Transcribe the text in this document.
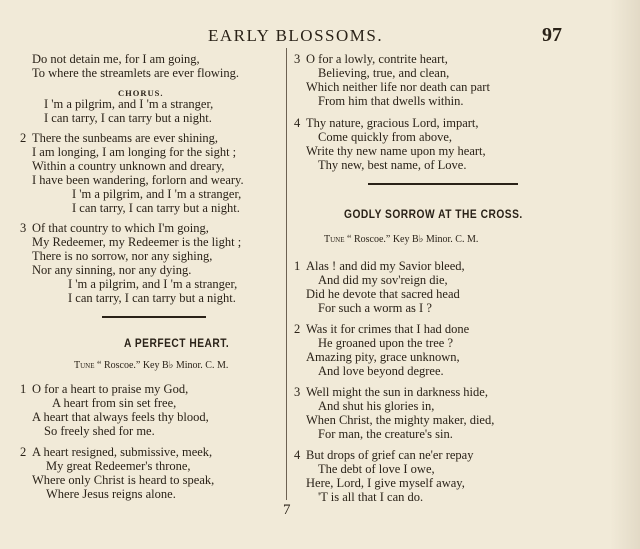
EARLY BLOSSOMS.	97
Do not detain me, for I am going,
To where the streamlets are ever flowing.
CHORUS.
I 'm a pilgrim, and I 'm a stranger,
I can tarry, I can tarry but a night.
2 There the sunbeams are ever shining,
I am longing, I am longing for the sight ;
Within a country unknown and dreary,
I have been wandering, forlorn and weary.
I 'm a pilgrim, and I 'm a stranger,
I can tarry, I can tarry but a night.
3 Of that country to which I'm going,
My Redeemer, my Redeemer is the light ;
There is no sorrow, nor any sighing,
Nor any sinning, nor any dying.
I 'm a pilgrim, and I 'm a stranger,
I can tarry, I can tarry but a night.
A PERFECT HEART.
Tune “ Roscoe.” Key B♭ Minor. C. M.
1 O for a heart to praise my God,
A heart from sin set free,
A heart that always feels thy blood,
So freely shed for me.
2 A heart resigned, submissive, meek,
My great Redeemer's throne,
Where only Christ is heard to speak,
Where Jesus reigns alone.
3 O for a lowly, contrite heart,
Believing, true, and clean,
Which neither life nor death can part
From him that dwells within.
4 Thy nature, gracious Lord, impart,
Come quickly from above,
Write thy new name upon my heart,
Thy new, best name, of Love.
GODLY SORROW AT THE CROSS.
Tune “ Roscoe.” Key B♭ Minor. C. M.
1 Alas ! and did my Savior bleed,
And did my sov'reign die,
Did he devote that sacred head
For such a worm as I ?
2 Was it for crimes that I had done
He groaned upon the tree ?
Amazing pity, grace unknown,
And love beyond degree.
3 Well might the sun in darkness hide,
And shut his glories in,
When Christ, the mighty maker, died,
For man, the creature's sin.
4 But drops of grief can ne'er repay
The debt of love I owe,
Here, Lord, I give myself away,
'T is all that I can do.
7
